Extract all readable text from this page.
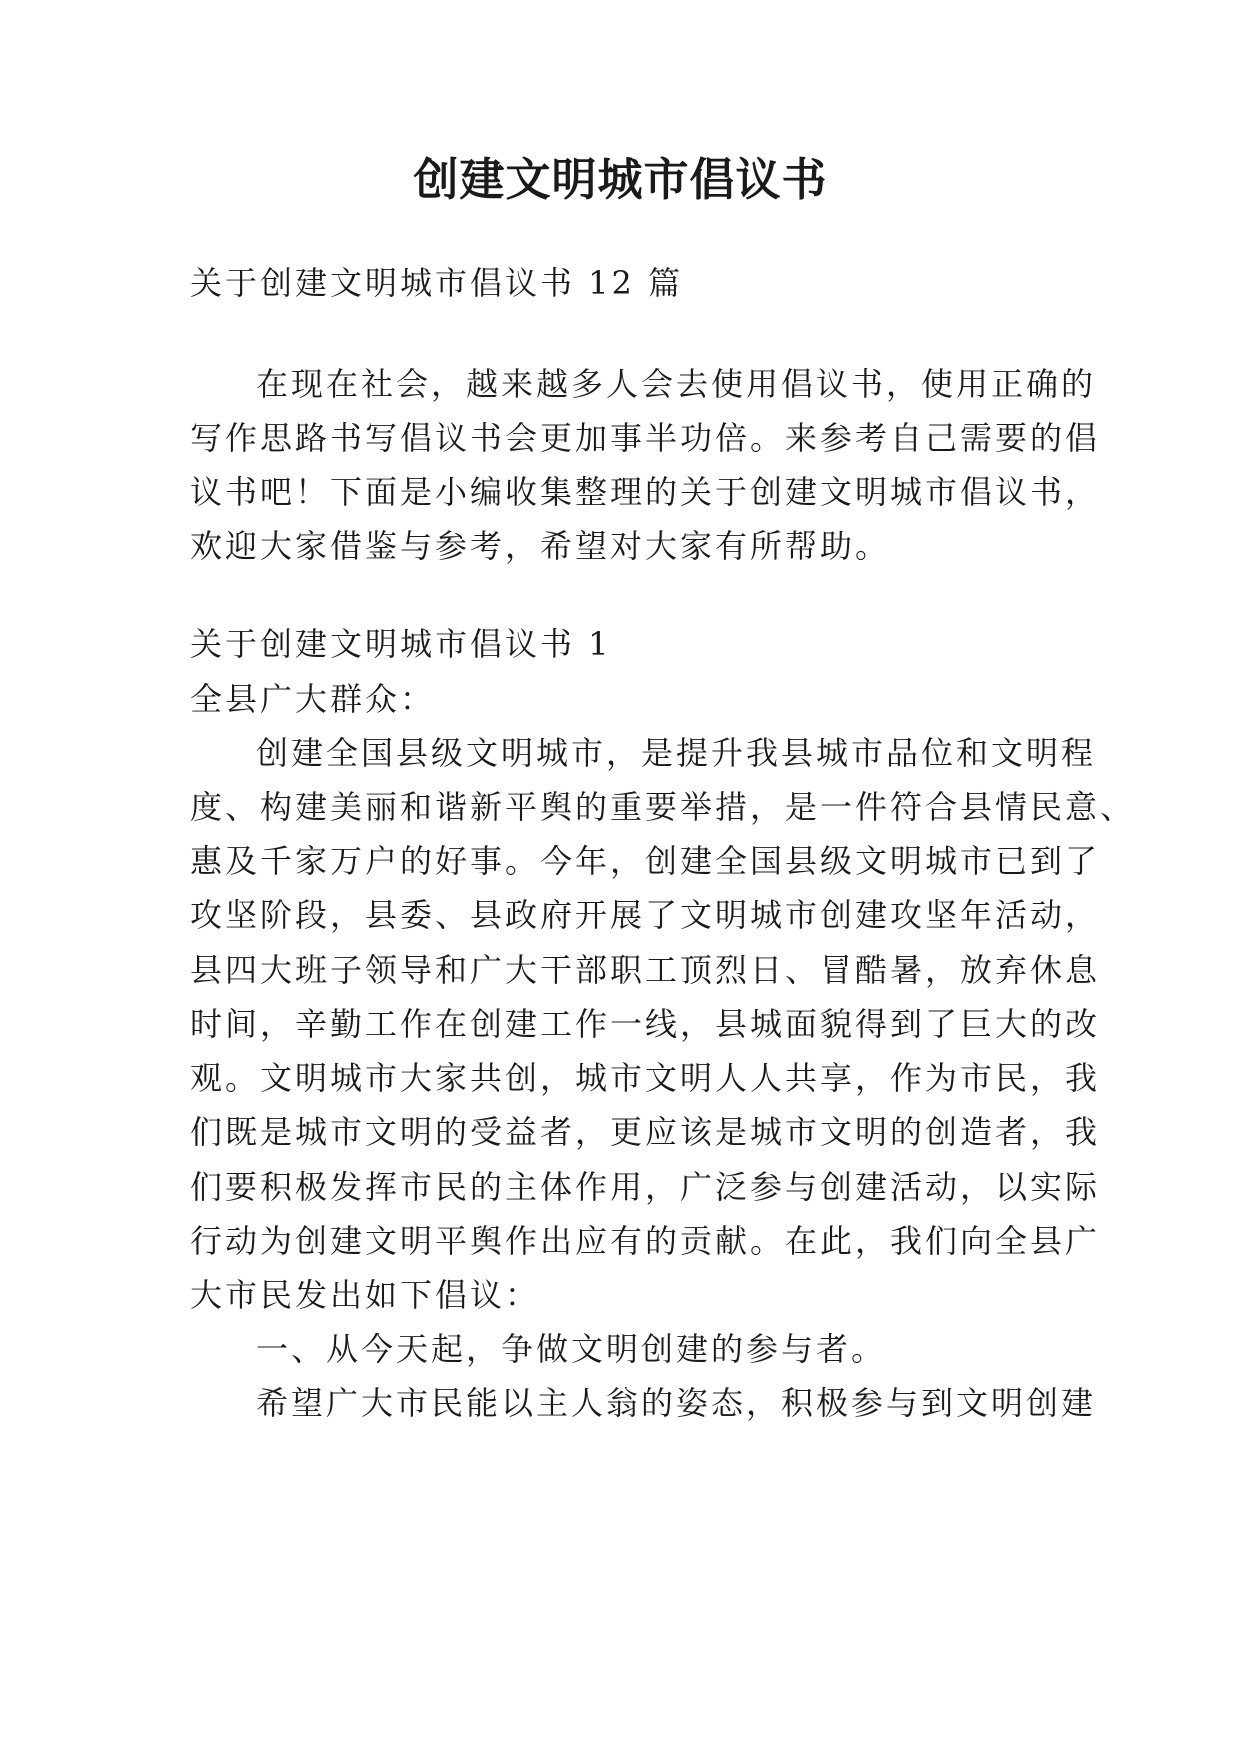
创建文明城市倡议书
关于创建文明城市倡议书 12 篇
在现在社会，越来越多人会去使用倡议书，使用正确的
写作思路书写倡议书会更加事半功倍。来参考自己需要的倡
议书吧！下面是小编收集整理的关于创建文明城市倡议书，
欢迎大家借鉴与参考，希望对大家有所帮助。
关于创建文明城市倡议书 1
全县广大群众：
创建全国县级文明城市，是提升我县城市品位和文明程
度、构建美丽和谐新平舆的重要举措，是一件符合县情民意、
惠及千家万户的好事。今年，创建全国县级文明城市已到了
攻坚阶段，县委、县政府开展了文明城市创建攻坚年活动，
县四大班子领导和广大干部职工顶烈日、冒酷暑，放弃休息
时间，辛勤工作在创建工作一线，县城面貌得到了巨大的改
观。文明城市大家共创，城市文明人人共享，作为市民，我
们既是城市文明的受益者，更应该是城市文明的创造者，我
们要积极发挥市民的主体作用，广泛参与创建活动，以实际
行动为创建文明平舆作出应有的贡献。在此，我们向全县广
大市民发出如下倡议：
一、从今天起，争做文明创建的参与者。
希望广大市民能以主人翁的姿态，积极参与到文明创建
